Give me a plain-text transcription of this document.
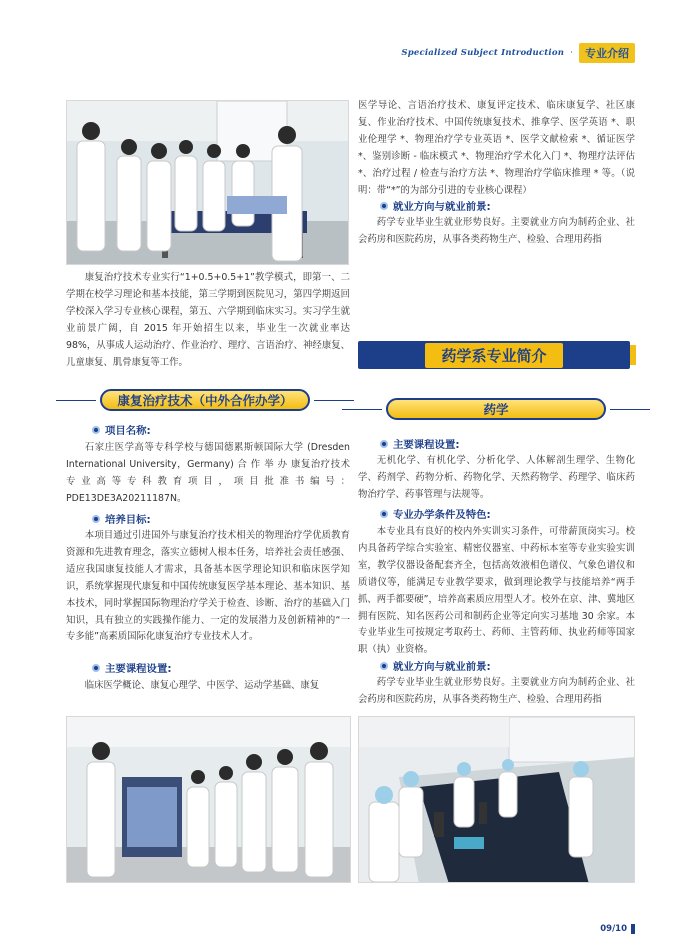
Specialized Subject Introduction ·	专业介绍
康复治疗技术专业实行“1+0.5+0.5+1”教学模式，即第一、二学期在校学习理论和基本技能，第三学期到医院见习，第四学期返回学校深入学习专业核心课程，第五、六学期到临床实习。实习学生就业前景广阔，自 2015 年开始招生以来，毕业生一次就业率达 98%，从事成人运动治疗、作业治疗、理疗、言语治疗、神经康复、儿童康复、肌骨康复等工作。
康复治疗技术（中外合作办学）
项目名称:
石家庄医学高等专科学校与德国德累斯顿国际大学 (Dresden International University，Germany) 合 作 举 办 康复治疗技术专业高等专科教育项目，项目批准书编号：PDE13DE3A20211187N。
培养目标:
本项目通过引进国外与康复治疗技术相关的物理治疗学优质教育资源和先进教育理念，落实立德树人根本任务，培养社会责任感强、适应我国康复技能人才需求，具备基本医学理论知识和临床医学知识，系统掌握现代康复和中国传统康复医学基本理论、基本知识、基本技术，同时掌握国际物理治疗学关于检查、诊断、治疗的基础入门知识，具有独立的实践操作能力、一定的发展潜力及创新精神的“一专多能”高素质国际化康复治疗专业技术人才。
主要课程设置:
临床医学概论、康复心理学、中医学、运动学基础、康复
医学导论、言语治疗技术、康复评定技术、临床康复学、社区康复、作业治疗技术、中国传统康复技术、推拿学、医学英语 *、职业伦理学 *、物理治疗学专业英语 *、医学文献检索 *、循证医学 *、鉴别诊断 - 临床模式 *、物理治疗学术化入门 *、物理疗法评估 *、治疗过程 / 检查与治疗方法 *、物理治疗学临床推理 * 等。（说明：带“*”的为部分引进的专业核心课程）
就业方向与就业前景:
药学专业毕业生就业形势良好。主要就业方向为制药企业、社会药房和医院药房，从事各类药物生产、检验、合理用药指
药学系专业简介
药学
主要课程设置:
无机化学、有机化学、分析化学、人体解剖生理学、生物化学、药剂学、药物分析、药物化学、天然药物学、药理学、临床药物治疗学、药事管理与法规等。
专业办学条件及特色:
本专业具有良好的校内外实训实习条件，可带薪顶岗实习。校内具备药学综合实验室、精密仪器室、中药标本室等专业实验实训室，教学仪器设备配套齐全，包括高效液相色谱仪、气象色谱仪和质谱仪等，能满足专业教学要求，做到理论教学与技能培养“两手抓、两手都要硬”，培养高素质应用型人才。校外在京、津、冀地区拥有医院、知名医药公司和制药企业等定向实习基地 30 余家。本专业毕业生可按规定考取药士、药师、主管药师、执业药师等国家职（执）业资格。
就业方向与就业前景:
药学专业毕业生就业形势良好。主要就业方向为制药企业、社会药房和医院药房，从事各类药物生产、检验、合理用药指
09/10
